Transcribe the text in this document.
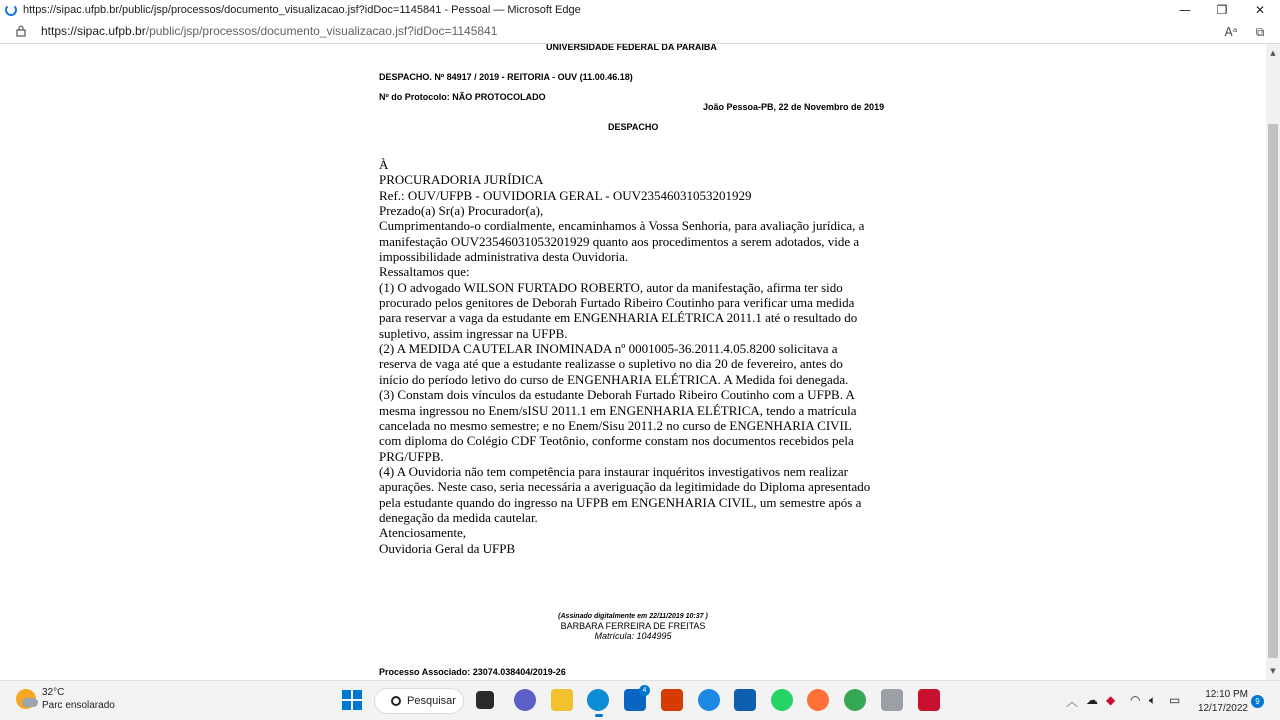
https://sipac.ufpb.br/public/jsp/processos/documento_visualizacao.jsf?idDoc=1145841 - Pessoal — Microsoft Edge	—	❐	✕
https://sipac.ufpb.br/public/jsp/processos/documento_visualizacao.jsf?idDoc=1145841	Aᵃ	⧉
UNIVERSIDADE FEDERAL DA PARAIBA
DESPACHO. Nº 84917 / 2019 - REITORIA - OUV (11.00.46.18)
Nº do Protocolo: NÃO PROTOCOLADO
João Pessoa-PB, 22 de Novembro de 2019
DESPACHO
À
PROCURADORIA JURÍDICA
Ref.: OUV/UFPB - OUVIDORIA GERAL - OUV23546031053201929
Prezado(a) Sr(a) Procurador(a),
Cumprimentando-o cordialmente, encaminhamos à Vossa Senhoria, para avaliação jurídica, a
manifestação OUV23546031053201929 quanto aos procedimentos a serem adotados, vide a
impossibilidade administrativa desta Ouvidoria.
Ressaltamos que:
(1) O advogado WILSON FURTADO ROBERTO, autor da manifestação, afirma ter sido
procurado pelos genitores de Deborah Furtado Ribeiro Coutinho para verificar uma medida
para reservar a vaga da estudante em ENGENHARIA ELÉTRICA 2011.1 até o resultado do
supletivo, assim ingressar na UFPB.
(2) A MEDIDA CAUTELAR INOMINADA nº 0001005-36.2011.4.05.8200 solicitava a
reserva de vaga até que a estudante realizasse o supletivo no dia 20 de fevereiro, antes do
início do período letivo do curso de ENGENHARIA ELÉTRICA. A Medida foi denegada.
(3) Constam dois vínculos da estudante Deborah Furtado Ribeiro Coutinho com a UFPB. A
mesma ingressou no Enem/sISU 2011.1 em ENGENHARIA ELÉTRICA, tendo a matrícula
cancelada no mesmo semestre; e no Enem/Sisu 2011.2 no curso de ENGENHARIA CIVIL
com diploma do Colégio CDF Teotônio, conforme constam nos documentos recebidos pela
PRG/UFPB.
(4) A Ouvidoria não tem competência para instaurar inquéritos investigativos nem realizar
apurações. Neste caso, seria necessária a averiguação da legitimidade do Diploma apresentado
pela estudante quando do ingresso na UFPB em ENGENHARIA CIVIL, um semestre após a
denegação da medida cautelar.
Atenciosamente,
Ouvidoria Geral da UFPB
(Assinado digitalmente em 22/11/2019 10:37 )
BARBARA FERREIRA DE FREITAS
Matrícula: 1044995
Processo Associado: 23074.038404/2019-26
▲
▼
32°C
Parc ensolarado	Pesquisar
4
︿ ☁ ◆ ◠ 🔈︎ ▭	12:10 PM
12/17/2022
9
